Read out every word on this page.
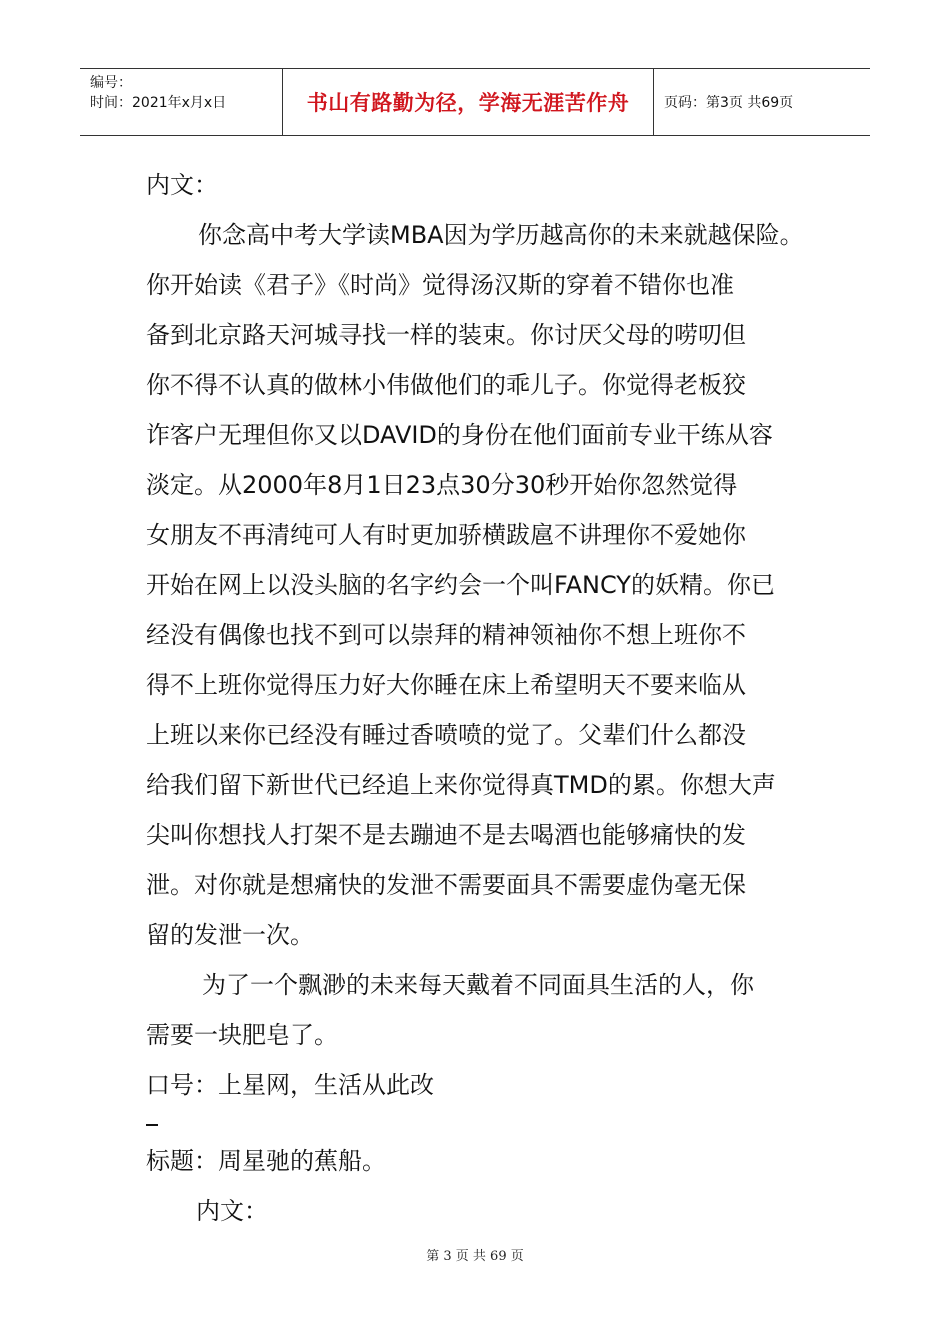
编号：
时间：2021年x月x日	书山有路勤为径，学海无涯苦作舟	页码：第3页 共69页
内文：
你念高中考大学读MBA因为学历越高你的未来就越保险。
你开始读《君子》《时尚》觉得汤汉斯的穿着不错你也准
备到北京路天河城寻找一样的装束。你讨厌父母的唠叨但
你不得不认真的做林小伟做他们的乖儿子。你觉得老板狡
诈客户无理但你又以DAVID的身份在他们面前专业干练从容
淡定。从2000年8月1日23点30分30秒开始你忽然觉得
女朋友不再清纯可人有时更加骄横跋扈不讲理你不爱她你
开始在网上以没头脑的名字约会一个叫FANCY的妖精。你已
经没有偶像也找不到可以崇拜的精神领袖你不想上班你不
得不上班你觉得压力好大你睡在床上希望明天不要来临从
上班以来你已经没有睡过香喷喷的觉了。父辈们什么都没
给我们留下新世代已经追上来你觉得真TMD的累。你想大声
尖叫你想找人打架不是去蹦迪不是去喝酒也能够痛快的发
泄。对你就是想痛快的发泄不需要面具不需要虚伪毫无保
留的发泄一次。
为了一个飘渺的未来每天戴着不同面具生活的人，你
需要一块肥皂了。
口号：上星网，生活从此改
标题：周星驰的蕉船。
内文：
第 3 页 共 69 页
